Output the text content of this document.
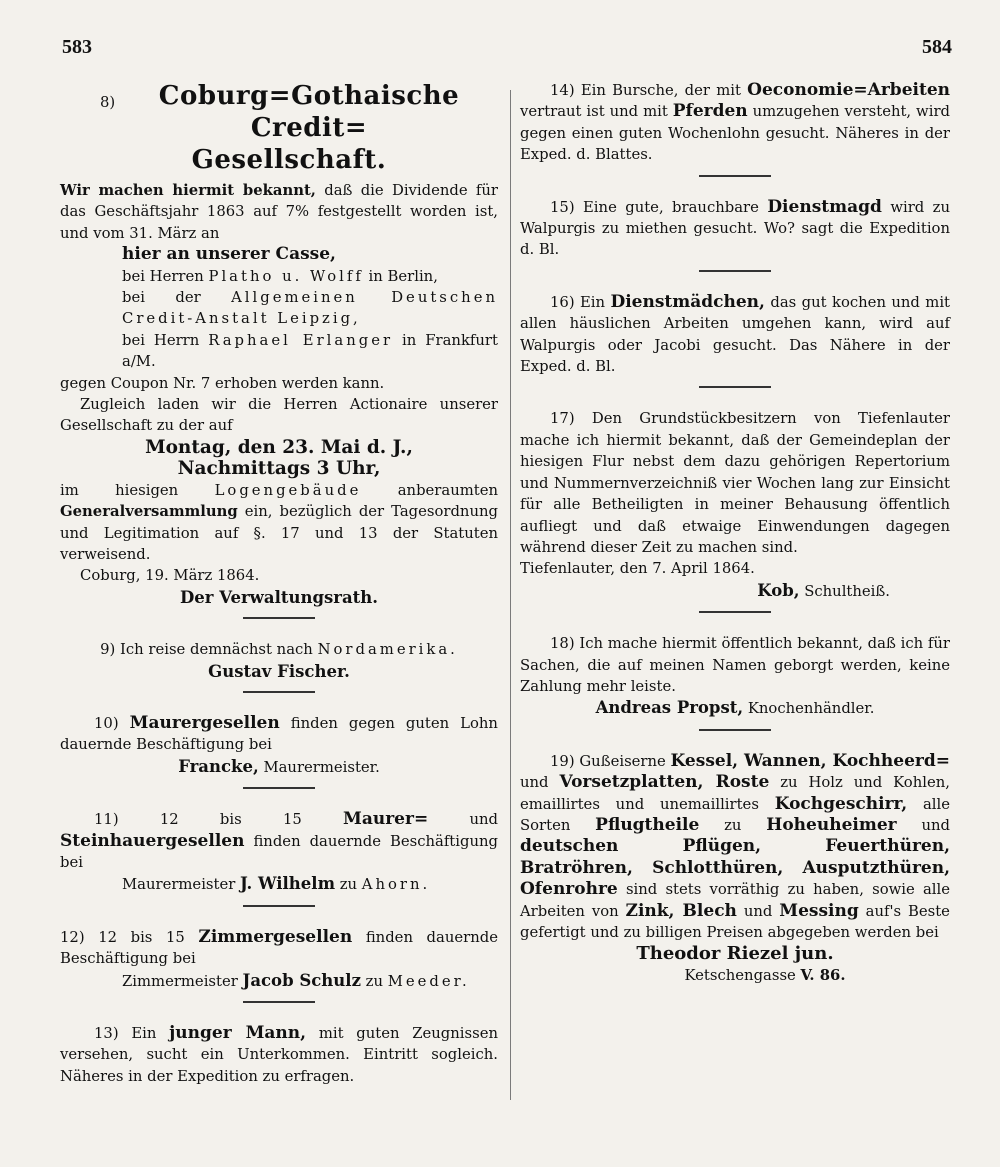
583	584
8)	Coburg=Gothaische Credit=
Gesellschaft.

Wir machen hiermit bekannt, daß die Dividende für das Geschäftsjahr 1863 auf 7% festgestellt worden ist, und vom 31. März an

hier an unserer Casse,

bei Herren Platho u. Wolff in Berlin,

bei der Allgemeinen Deutschen Credit-Anstalt Leipzig,

bei Herrn Raphael Erlanger in Frankfurt a/M.

gegen Coupon Nr. 7 erhoben werden kann.

Zugleich laden wir die Herren Actionaire unserer Gesellschaft zu der auf

Montag, den 23. Mai d. J.,

Nachmittags 3 Uhr,

im hiesigen Logengebäude anberaumten Generalversammlung ein, bezüglich der Tagesordnung und Legitimation auf §. 17 und 13 der Statuten verweisend.

Coburg, 19. März 1864.

Der Verwaltungsrath.

9) Ich reise demnächst nach Nordamerika.

Gustav Fischer.

10) Maurergesellen finden gegen guten Lohn dauernde Beschäftigung bei

Francke, Maurermeister.

11) 12 bis 15 Maurer=	und Steinhauergesellen finden dauernde Beschäftigung bei

Maurermeister J. Wilhelm zu Ahorn.

12) 12 bis 15 Zimmergesellen finden dauernde Beschäftigung bei

Zimmermeister Jacob Schulz zu Meeder.

13) Ein junger Mann, mit guten Zeugnissen versehen, sucht ein Unterkommen. Eintritt sogleich. Näheres in der Expedition zu erfragen.

14) Ein Bursche, der mit Oeconomie=Arbeiten vertraut ist und mit Pferden umzugehen versteht, wird gegen einen guten Wochenlohn gesucht. Näheres in der Exped. d. Blattes.

15) Eine gute, brauchbare Dienstmagd wird zu Walpurgis zu miethen gesucht. Wo? sagt die Expedition d. Bl.

16) Ein Dienstmädchen, das gut kochen und mit allen häuslichen Arbeiten umgehen kann, wird auf Walpurgis oder Jacobi gesucht. Das Nähere in der Exped. d. Bl.

17) Den Grundstückbesitzern von Tiefenlauter mache ich hiermit bekannt, daß der Gemeindeplan der hiesigen Flur nebst dem dazu gehörigen Repertorium und Nummernverzeichniß vier Wochen lang zur Einsicht für alle Betheiligten in meiner Behausung öffentlich aufliegt und daß etwaige Einwendungen dagegen während dieser Zeit zu machen sind.

Tiefenlauter, den 7. April 1864.

Kob, Schultheiß.

18) Ich mache hiermit öffentlich bekannt, daß ich für Sachen, die auf meinen Namen geborgt werden, keine Zahlung mehr leiste.

Andreas Propst, Knochenhändler.

19) Gußeiserne Kessel, Wannen, Kochheerd= und Vorsetzplatten, Roste zu Holz und Kohlen, emaillirtes und unemaillirtes Kochgeschirr, alle Sorten Pflugtheile zu Hoheuheimer und deutschen Pflügen, Feuerthüren, Bratröhren, Schlotthüren, Ausputzthüren, Ofenrohre sind stets vorräthig zu haben, sowie alle Arbeiten von Zink, Blech und Messing auf's Beste gefertigt und zu billigen Preisen abgegeben werden bei

Theodor Riezel jun.

Ketschengasse V. 86.
